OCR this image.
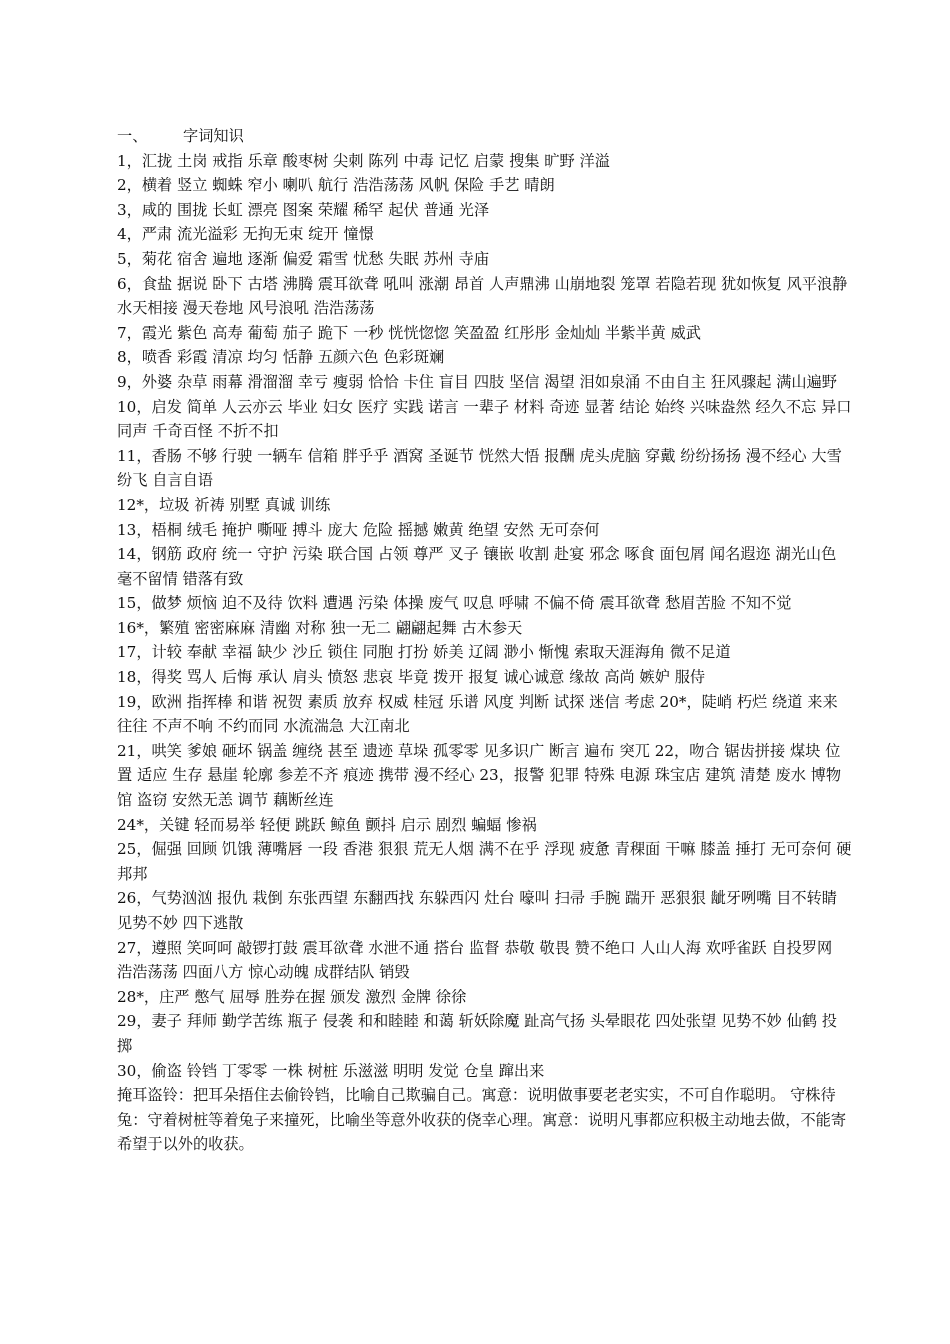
一、	字词知识

1，汇拢 土岗 戒指 乐章 酸枣树 尖刺 陈列 中毒 记忆 启蒙 搜集 旷野 洋溢

2，横着 竖立 蜘蛛 窄小 喇叭 航行 浩浩荡荡 风帆 保险 手艺 晴朗

3，咸的 围拢 长虹 漂亮 图案 荣耀 稀罕 起伏 普通 光泽

4，严肃 流光溢彩 无拘无束 绽开 憧憬

5，菊花 宿舍 遍地 逐渐 偏爱 霜雪 忧愁 失眠 苏州 寺庙

6，食盐 据说 卧下 古塔 沸腾 震耳欲聋 吼叫 涨潮 昂首 人声鼎沸 山崩地裂 笼罩 若隐若现 犹如恢复 风平浪静 水天相接 漫天卷地 风号浪吼 浩浩荡荡

7，霞光 紫色 高寿 葡萄 茄子 跪下 一秒 恍恍惚惚 笑盈盈 红彤彤 金灿灿 半紫半黄 威武

8，喷香 彩霞 清凉 均匀 恬静 五颜六色 色彩斑斓

9，外婆 杂草 雨幕 滑溜溜 幸亏 瘦弱 恰恰 卡住 盲目 四肢 坚信 渴望 泪如泉涌 不由自主 狂风骤起 满山遍野

10，启发 简单 人云亦云 毕业 妇女 医疗 实践 诺言 一辈子 材料 奇迹 显著 结论 始终 兴味盎然 经久不忘 异口同声 千奇百怪 不折不扣

11，香肠 不够 行驶 一辆车 信箱 胖乎乎 酒窝 圣诞节 恍然大悟 报酬 虎头虎脑 穿戴 纷纷扬扬 漫不经心 大雪纷飞 自言自语

12*，垃圾 祈祷 别墅 真诚 训练

13，梧桐 绒毛 掩护 嘶哑 搏斗 庞大 危险 摇撼 嫩黄 绝望 安然 无可奈何

14，钢筋 政府 统一 守护 污染 联合国 占领 尊严 叉子 镶嵌 收割 赴宴 邪念 啄食 面包屑 闻名遐迩 湖光山色 毫不留情 错落有致

15，做梦 烦恼 迫不及待 饮料 遭遇 污染 体操 废气 叹息 呼啸 不偏不倚 震耳欲聋 愁眉苦脸 不知不觉

16*，繁殖 密密麻麻 清幽 对称 独一无二 翩翩起舞 古木参天

17，计较 奉献 幸福 缺少 沙丘 锁住 同胞 打扮 娇美 辽阔 渺小 惭愧 索取天涯海角 微不足道

18，得奖 骂人 后悔 承认 肩头 愤怒 悲哀 毕竟 拨开 报复 诚心诚意 缘故 高尚 嫉妒 服侍

19，欧洲 指挥棒 和谐 祝贺 素质 放弃 权威 桂冠 乐谱 风度 判断 试探 迷信 考虑 20*，陡峭 朽烂 绕道 来来往往 不声不响 不约而同 水流湍急 大江南北

21，哄笑 爹娘 砸坏 锅盖 缠绕 甚至 遗迹 草垛 孤零零 见多识广 断言 遍布 突兀 22，吻合 锯齿拼接 煤块 位置 适应 生存 悬崖 轮廓 参差不齐 痕迹 携带 漫不经心 23，报警 犯罪 特殊 电源 珠宝店 建筑 清楚 废水 博物馆 盗窃 安然无恙 调节 藕断丝连

24*，关键 轻而易举 轻便 跳跃 鲸鱼 颤抖 启示 剧烈 蝙蝠 惨祸

25，倔强 回顾 饥饿 薄嘴唇 一段 香港 狠狠 荒无人烟 满不在乎 浮现 疲惫 青稞面 干嘛 膝盖 捶打 无可奈何 硬邦邦

26，气势汹汹 报仇 栽倒 东张西望 东翻西找 东躲西闪 灶台 嚎叫 扫帚 手腕 踹开 恶狠狠 龇牙咧嘴 目不转睛 见势不妙 四下逃散

27，遵照 笑呵呵 敲锣打鼓 震耳欲聋 水泄不通 搭台 监督 恭敬 敬畏 赞不绝口 人山人海 欢呼雀跃 自投罗网 浩浩荡荡 四面八方 惊心动魄 成群结队 销毁

28*，庄严 憋气 屈辱 胜券在握 颁发 激烈 金牌 徐徐

29，妻子 拜师 勤学苦练 瓶子 侵袭 和和睦睦 和蔼 斩妖除魔 趾高气扬 头晕眼花 四处张望 见势不妙 仙鹤 投掷

30，偷盗 铃铛 丁零零 一株 树桩 乐滋滋 明明 发觉 仓皇 蹿出来

掩耳盗铃：把耳朵捂住去偷铃铛，比喻自己欺骗自己。寓意：说明做事要老老实实，不可自作聪明。 守株待兔：守着树桩等着兔子来撞死，比喻坐等意外收获的侥幸心理。寓意：说明凡事都应积极主动地去做，不能寄希望于以外的收获。
